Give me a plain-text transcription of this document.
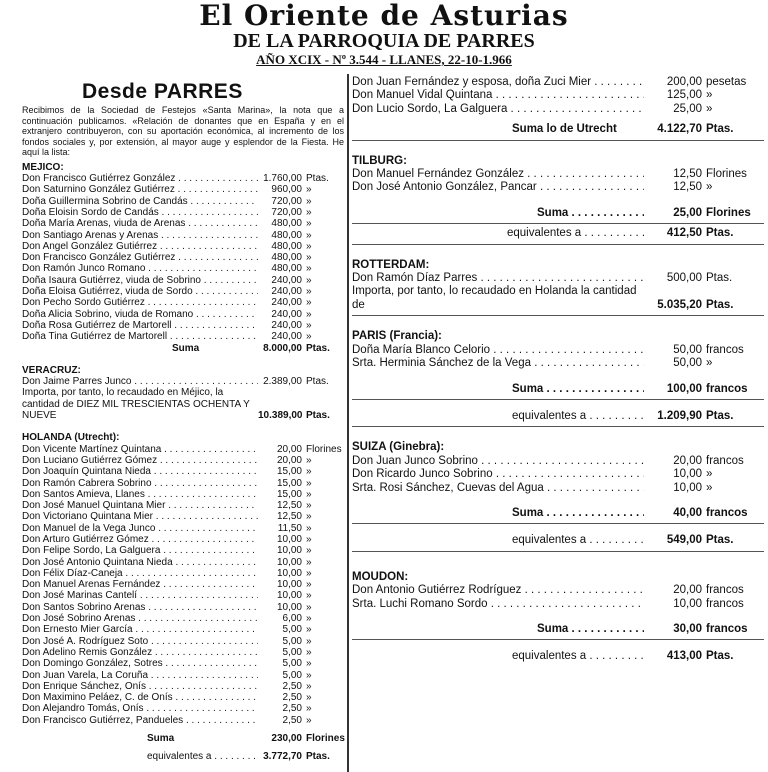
El Oriente de Asturias
DE LA PARROQUIA DE PARRES
AÑO XCIX - Nº 3.544 - LLANES, 22-10-1.966
Desde PARRES
Recibimos de la Sociedad de Festejos «Santa Marina», la nota que a continuación publicamos. «Relación de donantes que en España y en el extranjero contribuyeron, con su aportación económica, al incremento de los fondos sociales y, por extensión, al mayor auge y esplendor de la Fiesta. He aquí la lista:
MEJICO:
Don Francisco Gutiérrez González . . .	1.760,00 Ptas.
Don Saturnino González Gutiérrez . . .	960,00 »
Doña Guillermina Sobrino de Candás . . .	720,00 »
Doña Eloisin Sordo de Candás . . .	720,00 »
Doña María Arenas, viuda de Arenas . . .	480,00 »
Don Santiago Arenas y Arenas . . .	480,00 »
Don Angel González Gutiérrez . . .	480,00 »
Don Francisco González Gutiérrez . . .	480,00 »
Don Ramón Junco Romano . . .	480,00 »
Doña Isaura Gutiérrez, viuda de Sobrino . . .	240,00 »
Doña Eloisa Gutiérrez, viuda de Sordo . . .	240,00 »
Don Pecho Sordo Gutiérrez . . .	240,00 »
Doña Alicia Sobrino, viuda de Romano . . .	240,00 »
Doña Rosa Gutiérrez de Martorell . . .	240,00 »
Doña Tina Gutiérrez de Martorell . . .	240,00 »
Suma	8.000,00 Ptas.
VERACRUZ:
Don Jaime Parres Junco . . .	2.389,00 Ptas.
Importa, por tanto, lo recaudado en Méjico, la cantidad de DIEZ MIL TRESCIENTAS OCHENTA Y NUEVE	10.389,00 Ptas.
HOLANDA (Utrecht):
Don Vicente Martínez Quintana . . .	20,00 Florines
Don Luciano Gutiérrez Gómez . . .	20,00 »
Don Joaquín Quintana Nieda . . .	15,00 »
Don Ramón Cabrera Sobrino . . .	15,00 »
Don Santos Amieva, Llanes . . .	15,00 »
Don José Manuel Quintana Mier . . .	12,50 »
Don Victoriano Quintana Mier . . .	12,50 »
Don Manuel de la Vega Junco . . .	11,50 »
Don Arturo Gutiérrez Gómez . . .	10,00 »
Don Felipe Sordo, La Galguera . . .	10,00 »
Don José Antonio Quintana Nieda . . .	10,00 »
Don Félix Díaz-Caneja . . .	10,00 »
Don Manuel Arenas Fernández . . .	10,00 »
Don José Marinas Cantelí . . .	10,00 »
Don Santos Sobrino Arenas . . .	10,00 »
Don José Sobrino Arenas . . .	6,00 »
Don Ernesto Mier García . . .	5,00 »
Don José A. Rodríguez Soto . . .	5,00 »
Don Adelino Remis González . . .	5,00 »
Don Domingo González, Sotres . . .	5,00 »
Don Juan Varela, La Coruña . . .	5,00 »
Don Enrique Sánchez, Onís . . .	2,50 »
Don Maximino Peláez, C. de Onís . . .	2,50 »
Don Alejandro Tomás, Onís . . .	2,50 »
Don Francisco Gutiérrez, Pandueles . . .	2,50 »
Suma	230,00 Florines
equivalentes a . . .	3.772,70 Ptas.
Don Juan Fernández y esposa, doña Zuci Mier . . .	200,00 pesetas
Don Manuel Vidal Quintana . . .	125,00 »
Don Lucio Sordo, La Galguera . . .	25,00 »
Suma lo de Utrecht	4.122,70 Ptas.
TILBURG:
Don Manuel Fernández González . . .	12,50 Florines
Don José Antonio González, Pancar . . .	12,50 »
Suma . . .	25,00 Florines
equivalentes a . . .	412,50 Ptas.
ROTTERDAM:
Don Ramón Díaz Parres . . .	500,00 Ptas.
Importa, por tanto, lo recaudado en Holanda la cantidad de	5.035,20 Ptas.
PARIS (Francia):
Doña María Blanco Celorio . . .	50,00 francos
Srta. Herminia Sánchez de la Vega . . .	50,00 »
Suma . . .	100,00 francos
equivalentes a . . .	1.209,90 Ptas.
SUIZA (Ginebra):
Don Juan Junco Sobrino . . .	20,00 francos
Don Ricardo Junco Sobrino . . .	10,00 »
Srta. Rosi Sánchez, Cuevas del Agua . . .	10,00 »
Suma . . .	40,00 francos
equivalentes a . . .	549,00 Ptas.
MOUDON:
Don Antonio Gutiérrez Rodríguez . . .	20,00 francos
Srta. Luchi Romano Sordo . . .	10,00 francos
Suma . . .	30,00 francos
equivalentes a . . .	413,00 Ptas.
